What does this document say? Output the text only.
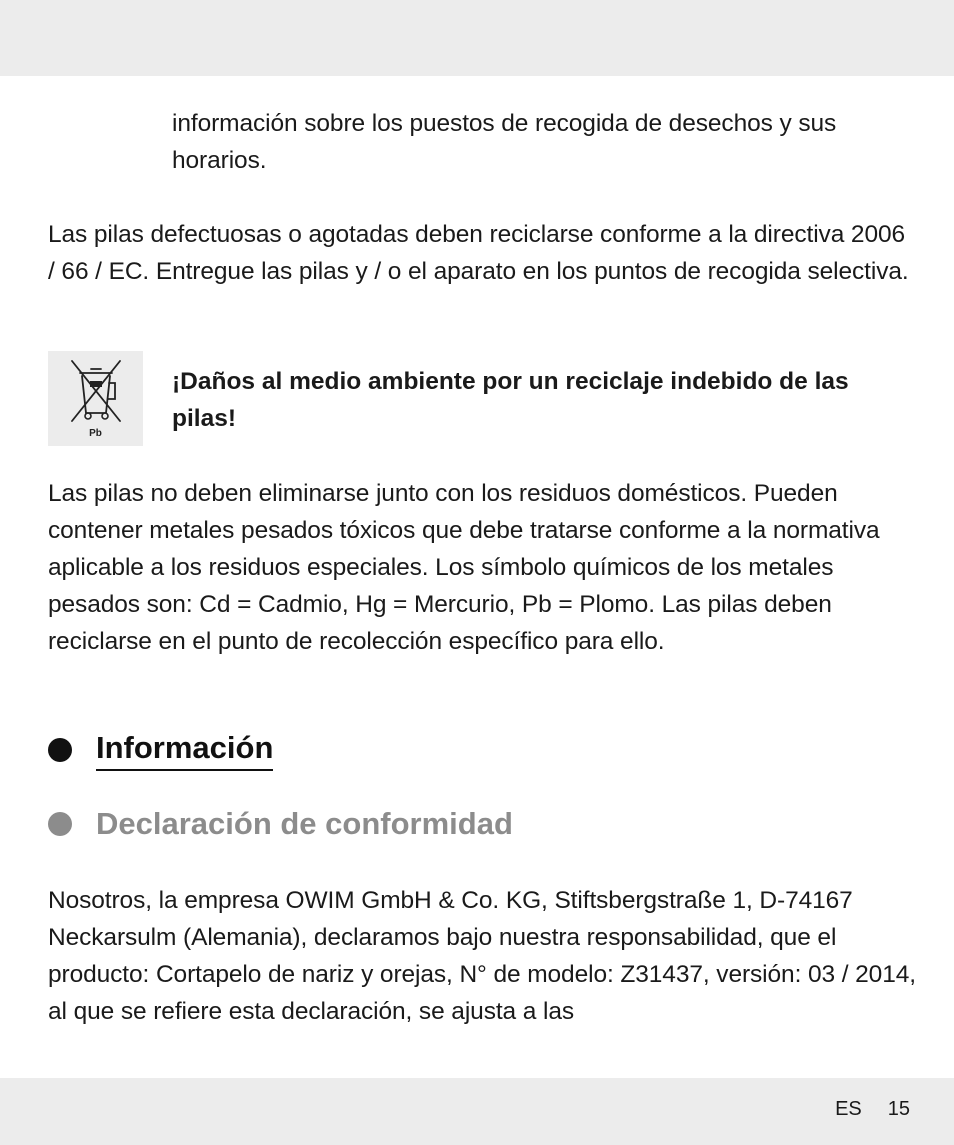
información sobre los puestos de recogida de desechos y sus horarios.

Las pilas defectuosas o agotadas deben reciclarse conforme a la directiva 2006 / 66 / EC. Entregue las pilas y / o el aparato en los puntos de recogida selectiva.

Pb

¡Daños al medio ambiente por un reciclaje indebido de las pilas!

Las pilas no deben eliminarse junto con los residuos domésticos. Pueden contener metales pesados tóxicos que debe tratarse conforme a la normativa aplicable a los residuos especiales. Los símbolo químicos de los metales pesados son: Cd = Cadmio, Hg = Mercurio, Pb = Plomo. Las pilas deben reciclarse en el punto de recolección específico para ello.

Información
Declaración de conformidad

Nosotros, la empresa OWIM GmbH & Co. KG, Stiftsbergstraße 1, D-74167 Neckarsulm (Alemania), declaramos bajo nuestra responsabilidad, que el producto: Cortapelo de nariz y orejas, N° de modelo: Z31437, versión: 03 / 2014, al que se refiere esta declaración, se ajusta a las

ES 15
